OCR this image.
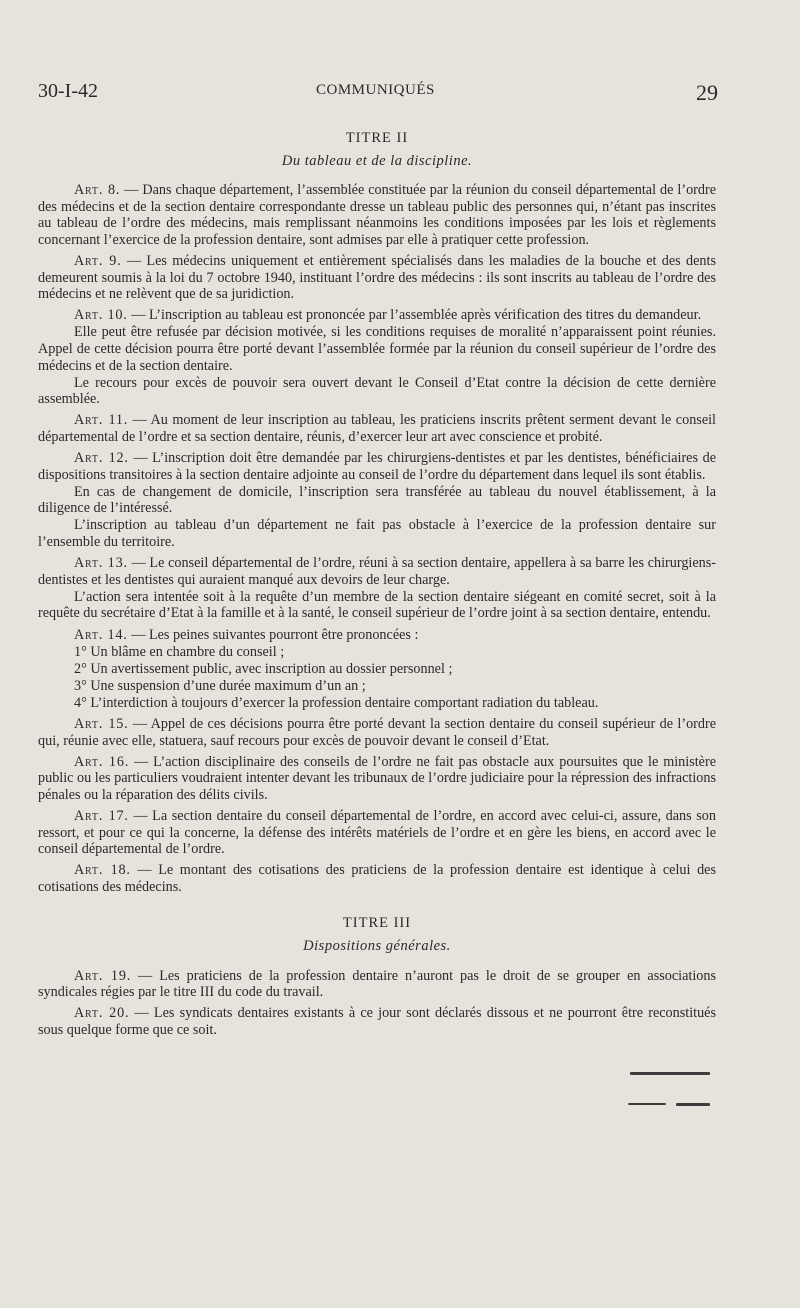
30-I-42	COMMUNIQUÉS	29
TITRE II
Du tableau et de la discipline.

Art. 8. — Dans chaque département, l’assemblée constituée par la réunion du conseil départemental de l’ordre des médecins et de la section dentaire correspondante dresse un tableau public des personnes qui, n’étant pas inscrites au tableau de l’ordre des médecins, mais remplissant néanmoins les conditions imposées par les lois et règlements concernant l’exercice de la profession dentaire, sont admises par elle à pratiquer cette profession.

Art. 9. — Les médecins uniquement et entièrement spécialisés dans les maladies de la bouche et des dents demeurent soumis à la loi du 7 octobre 1940, instituant l’ordre des médecins : ils sont inscrits au tableau de l’ordre des médecins et ne relèvent que de sa juridiction.

Art. 10. — L’inscription au tableau est prononcée par l’assemblée après vérification des titres du demandeur.

Elle peut être refusée par décision motivée, si les conditions requises de moralité n’apparaissent point réunies. Appel de cette décision pourra être porté devant l’assemblée formée par la réunion du conseil supérieur de l’ordre des médecins et de la section dentaire.

Le recours pour excès de pouvoir sera ouvert devant le Conseil d’Etat contre la décision de cette dernière assemblée.

Art. 11. — Au moment de leur inscription au tableau, les praticiens inscrits prêtent serment devant le conseil départemental de l’ordre et sa section dentaire, réunis, d’exercer leur art avec conscience et probité.

Art. 12. — L’inscription doit être demandée par les chirurgiens-dentistes et par les dentistes, bénéficiaires de dispositions transitoires à la section dentaire adjointe au conseil de l’ordre du département dans lequel ils sont établis.

En cas de changement de domicile, l’inscription sera transférée au tableau du nouvel établissement, à la diligence de l’intéressé.

L’inscription au tableau d’un département ne fait pas obstacle à l’exercice de la profession dentaire sur l’ensemble du territoire.

Art. 13. — Le conseil départemental de l’ordre, réuni à sa section dentaire, appellera à sa barre les chirurgiens-dentistes et les dentistes qui auraient manqué aux devoirs de leur charge.

L’action sera intentée soit à la requête d’un membre de la section dentaire siégeant en comité secret, soit à la requête du secrétaire d’Etat à la famille et à la santé, le conseil supérieur de l’ordre joint à sa section dentaire, entendu.

Art. 14. — Les peines suivantes pourront être prononcées :

1° Un blâme en chambre du conseil ;

2° Un avertissement public, avec inscription au dossier personnel ;

3° Une suspension d’une durée maximum d’un an ;

4° L’interdiction à toujours d’exercer la profession dentaire comportant radiation du tableau.

Art. 15. — Appel de ces décisions pourra être porté devant la section dentaire du conseil supérieur de l’ordre qui, réunie avec elle, statuera, sauf recours pour excès de pouvoir devant le conseil d’Etat.

Art. 16. — L’action disciplinaire des conseils de l’ordre ne fait pas obstacle aux poursuites que le ministère public ou les particuliers voudraient intenter devant les tribunaux de l’ordre judiciaire pour la répression des infractions pénales ou la réparation des délits civils.

Art. 17. — La section dentaire du conseil départemental de l’ordre, en accord avec celui-ci, assure, dans son ressort, et pour ce qui la concerne, la défense des intérêts matériels de l’ordre et en gère les biens, en accord avec le conseil départemental de l’ordre.

Art. 18. — Le montant des cotisations des praticiens de la profession dentaire est identique à celui des cotisations des médecins.

TITRE III
Dispositions générales.

Art. 19. — Les praticiens de la profession dentaire n’auront pas le droit de se grouper en associations syndicales régies par le titre III du code du travail.

Art. 20. — Les syndicats dentaires existants à ce jour sont déclarés dissous et ne pourront être reconstitués sous quelque forme que ce soit.
